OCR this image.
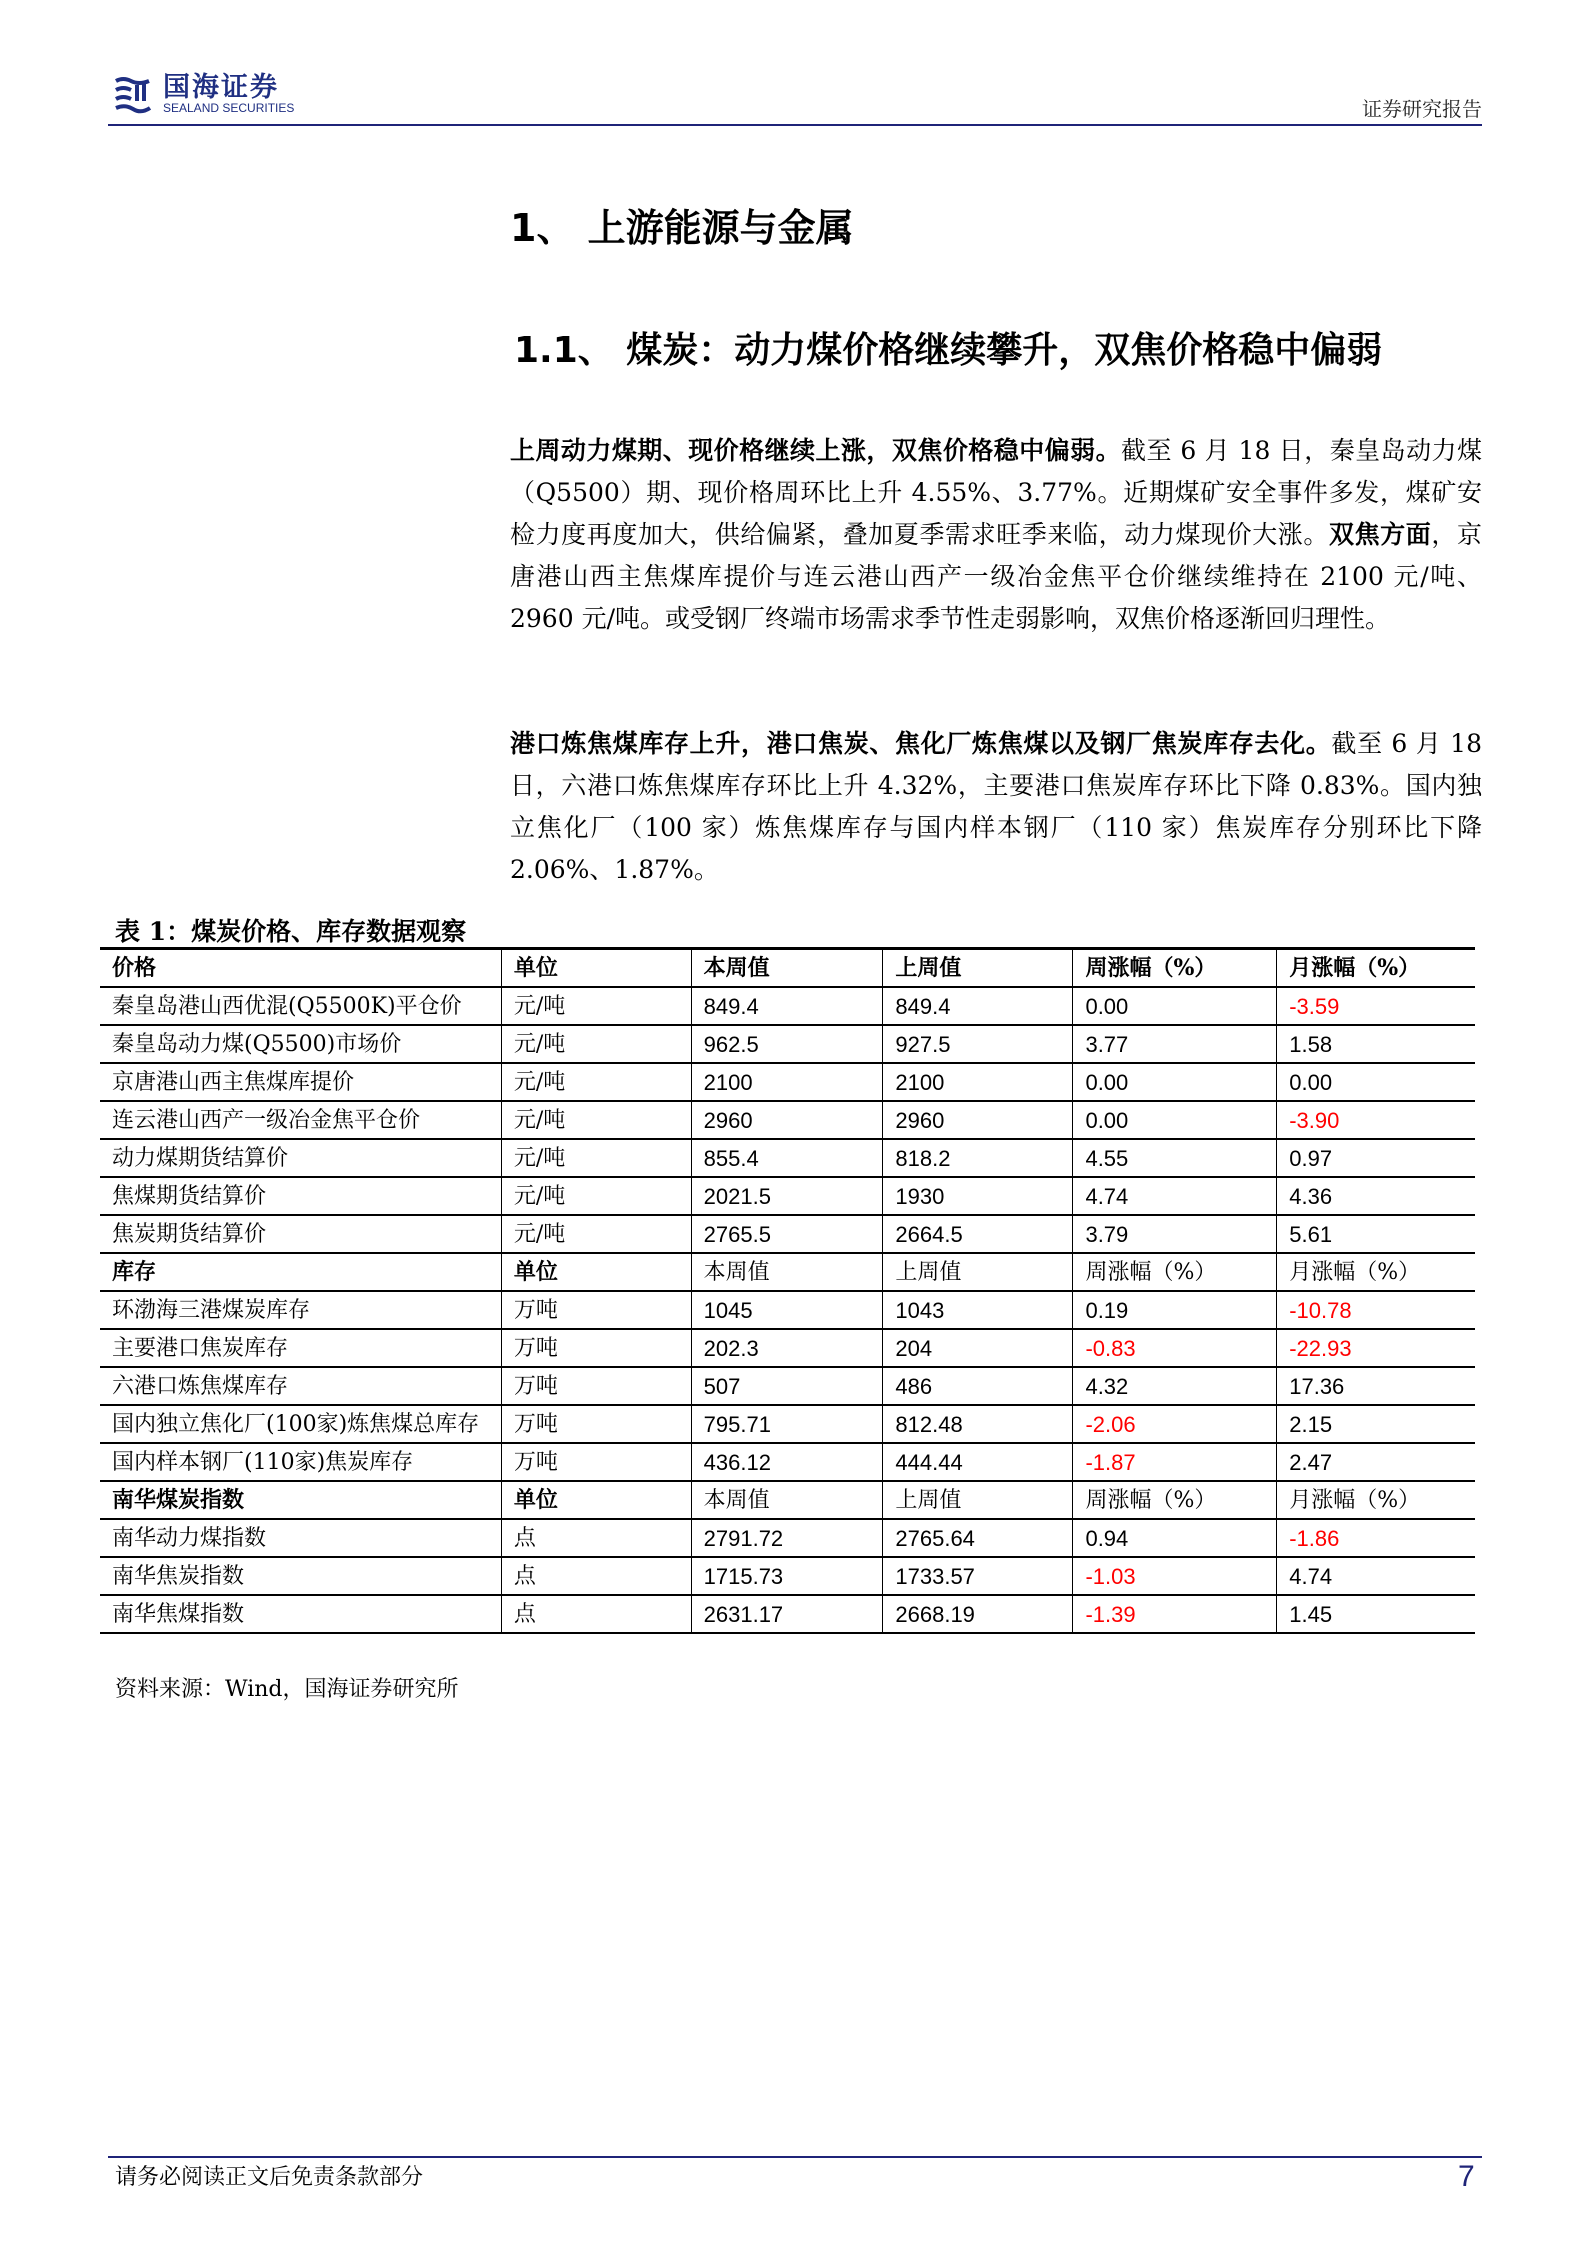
国海证券
SEALAND SECURITIES	证券研究报告
1、 上游能源与金属
1.1、 煤炭：动力煤价格继续攀升，双焦价格稳中偏弱
上周动力煤期、现价格继续上涨，双焦价格稳中偏弱。截至 6 月 18 日，秦皇岛动力煤（Q5500）期、现价格周环比上升 4.55%、3.77%。近期煤矿安全事件多发，煤矿安检力度再度加大，供给偏紧，叠加夏季需求旺季来临，动力煤现价大涨。双焦方面，京唐港山西主焦煤库提价与连云港山西产一级冶金焦平仓价继续维持在 2100 元/吨、2960 元/吨。或受钢厂终端市场需求季节性走弱影响，双焦价格逐渐回归理性。
港口炼焦煤库存上升，港口焦炭、焦化厂炼焦煤以及钢厂焦炭库存去化。截至 6 月 18 日，六港口炼焦煤库存环比上升 4.32%，主要港口焦炭库存环比下降 0.83%。国内独立焦化厂（100 家）炼焦煤库存与国内样本钢厂（110 家）焦炭库存分别环比下降 2.06%、1.87%。
表 1：煤炭价格、库存数据观察
价格	单位	本周值	上周值	周涨幅（%）	月涨幅（%）
秦皇岛港山西优混(Q5500K)平仓价	元/吨	849.4	849.4	0.00	-3.59
秦皇岛动力煤(Q5500)市场价	元/吨	962.5	927.5	3.77	1.58
京唐港山西主焦煤库提价	元/吨	2100	2100	0.00	0.00
连云港山西产一级冶金焦平仓价	元/吨	2960	2960	0.00	-3.90
动力煤期货结算价	元/吨	855.4	818.2	4.55	0.97
焦煤期货结算价	元/吨	2021.5	1930	4.74	4.36
焦炭期货结算价	元/吨	2765.5	2664.5	3.79	5.61
库存	单位	本周值	上周值	周涨幅（%）	月涨幅（%）
环渤海三港煤炭库存	万吨	1045	1043	0.19	-10.78
主要港口焦炭库存	万吨	202.3	204	-0.83	-22.93
六港口炼焦煤库存	万吨	507	486	4.32	17.36
国内独立焦化厂(100家)炼焦煤总库存	万吨	795.71	812.48	-2.06	2.15
国内样本钢厂(110家)焦炭库存	万吨	436.12	444.44	-1.87	2.47
南华煤炭指数	单位	本周值	上周值	周涨幅（%）	月涨幅（%）
南华动力煤指数	点	2791.72	2765.64	0.94	-1.86
南华焦炭指数	点	1715.73	1733.57	-1.03	4.74
南华焦煤指数	点	2631.17	2668.19	-1.39	1.45
资料来源：Wind，国海证券研究所
请务必阅读正文后免责条款部分	7
